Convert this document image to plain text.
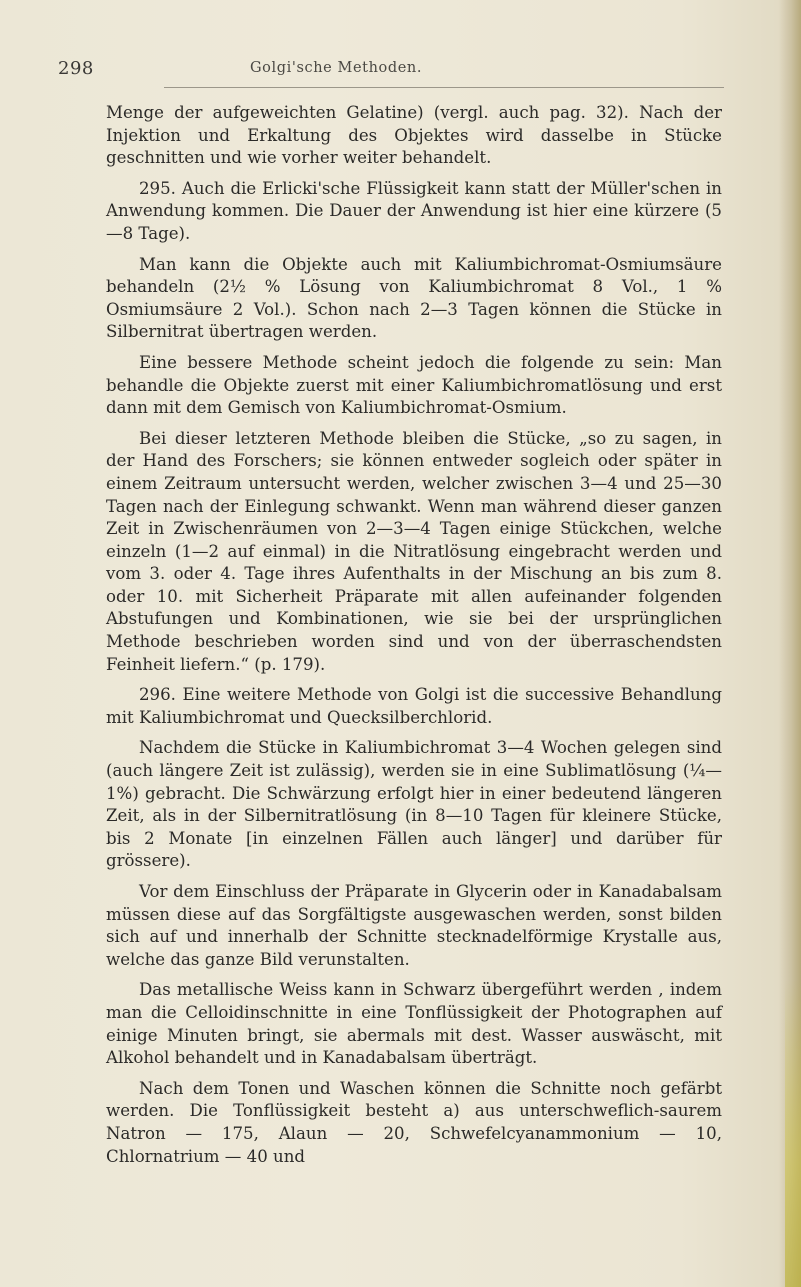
298	Golgi'sche Methoden.

Menge der aufgeweichten Gelatine) (vergl. auch pag. 32). Nach der Injektion und Erkaltung des Objektes wird dasselbe in Stücke geschnitten und wie vorher weiter behandelt.

295. Auch die Erlicki'sche Flüssigkeit kann statt der Müller'schen in Anwendung kommen. Die Dauer der Anwendung ist hier eine kürzere (5—8 Tage).

Man kann die Objekte auch mit Kaliumbichromat-Osmiumsäure behandeln (2½ % Lösung von Kaliumbichromat 8 Vol., 1 % Osmiumsäure 2 Vol.). Schon nach 2—3 Tagen können die Stücke in Silbernitrat übertragen werden.

Eine bessere Methode scheint jedoch die folgende zu sein: Man behandle die Objekte zuerst mit einer Kaliumbichromatlösung und erst dann mit dem Gemisch von Kaliumbichromat-Osmium.

Bei dieser letzteren Methode bleiben die Stücke, „so zu sagen, in der Hand des Forschers; sie können entweder sogleich oder später in einem Zeitraum untersucht werden, welcher zwischen 3—4 und 25—30 Tagen nach der Einlegung schwankt. Wenn man während dieser ganzen Zeit in Zwischenräumen von 2—3—4 Tagen einige Stückchen, welche einzeln (1—2 auf einmal) in die Nitratlösung eingebracht werden und vom 3. oder 4. Tage ihres Aufenthalts in der Mischung an bis zum 8. oder 10. mit Sicherheit Präparate mit allen aufeinander folgenden Abstufungen und Kombinationen, wie sie bei der ursprünglichen Methode beschrieben worden sind und von der überraschendsten Feinheit liefern.“ (p. 179).

296. Eine weitere Methode von Golgi ist die successive Behandlung mit Kaliumbichromat und Quecksilberchlorid.

Nachdem die Stücke in Kaliumbichromat 3—4 Wochen gelegen sind (auch längere Zeit ist zulässig), werden sie in eine Sublimatlösung (¼—1%) gebracht. Die Schwärzung erfolgt hier in einer bedeutend längeren Zeit, als in der Silbernitratlösung (in 8—10 Tagen für kleinere Stücke, bis 2 Monate [in einzelnen Fällen auch länger] und darüber für grössere).

Vor dem Einschluss der Präparate in Glycerin oder in Kanadabalsam müssen diese auf das Sorgfältigste ausgewaschen werden, sonst bilden sich auf und innerhalb der Schnitte stecknadelförmige Krystalle aus, welche das ganze Bild verunstalten.

Das metallische Weiss kann in Schwarz übergeführt werden , indem man die Celloidinschnitte in eine Tonflüssigkeit der Photographen auf einige Minuten bringt, sie abermals mit dest. Wasser auswäscht, mit Alkohol behandelt und in Kanadabalsam überträgt.

Nach dem Tonen und Waschen können die Schnitte noch gefärbt werden. Die Tonflüssigkeit besteht a) aus unterschweflich-saurem Natron — 175, Alaun — 20, Schwefelcyanammonium — 10, Chlornatrium — 40 und
